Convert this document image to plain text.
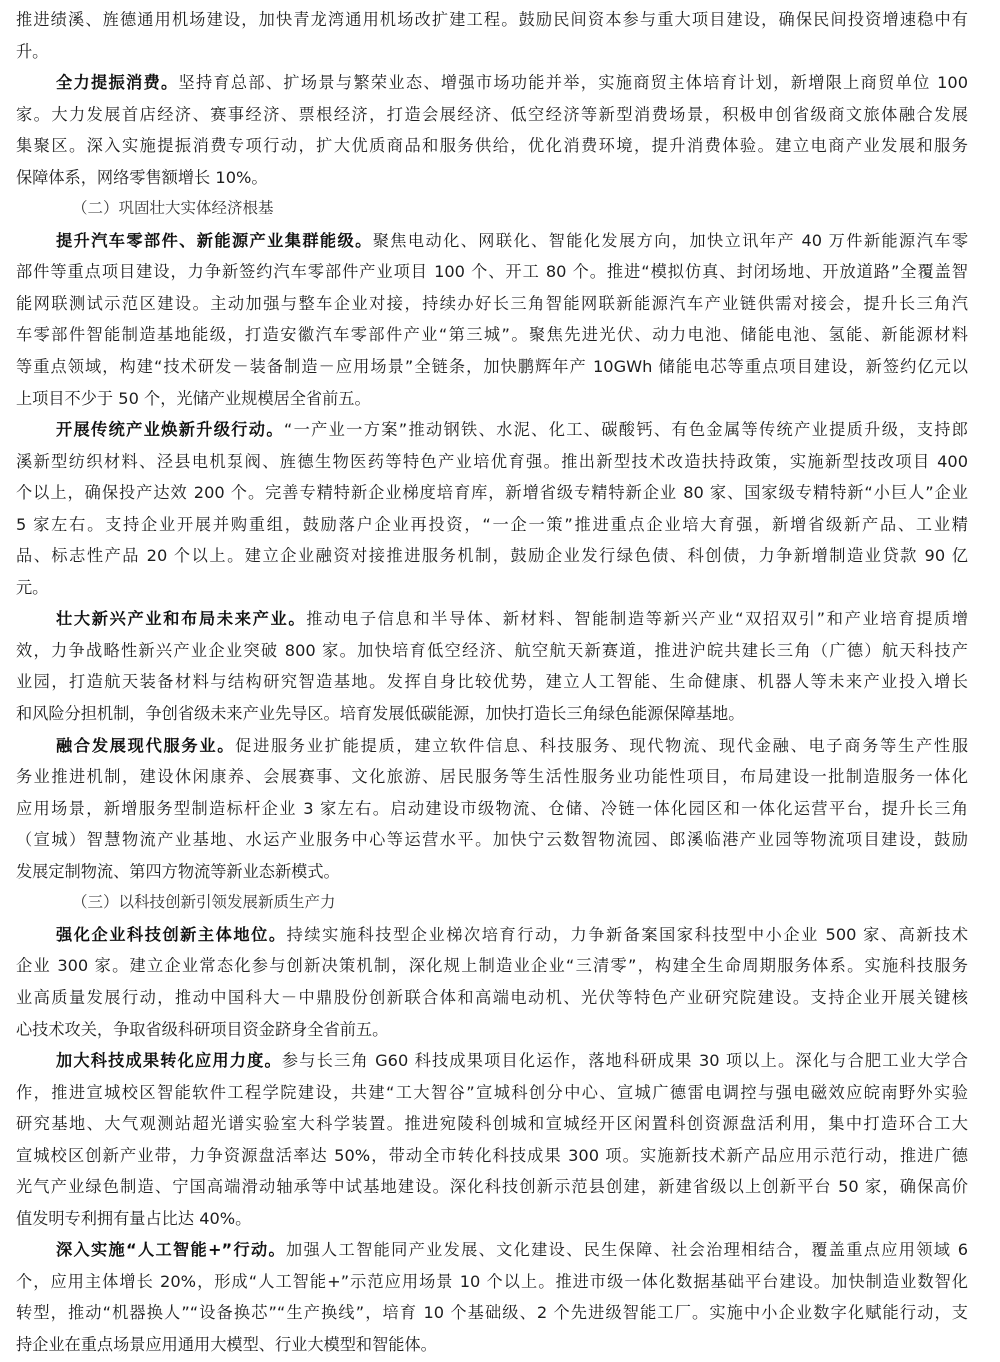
推进绩溪、旌德通用机场建设，加快青龙湾通用机场改扩建工程。鼓励民间资本参与重大项目建设，确保民间投资增速稳中有
升。
全力提振消费。坚持育总部、扩场景与繁荣业态、增强市场功能并举，实施商贸主体培育计划，新增限上商贸单位 100
家。大力发展首店经济、赛事经济、票根经济，打造会展经济、低空经济等新型消费场景，积极申创省级商文旅体融合发展
集聚区。深入实施提振消费专项行动，扩大优质商品和服务供给，优化消费环境，提升消费体验。建立电商产业发展和服务
保障体系，网络零售额增长 10%。
（二）巩固壮大实体经济根基
提升汽车零部件、新能源产业集群能级。聚焦电动化、网联化、智能化发展方向，加快立讯年产 40 万件新能源汽车零
部件等重点项目建设，力争新签约汽车零部件产业项目 100 个、开工 80 个。推进“模拟仿真、封闭场地、开放道路”全覆盖智
能网联测试示范区建设。主动加强与整车企业对接，持续办好长三角智能网联新能源汽车产业链供需对接会，提升长三角汽
车零部件智能制造基地能级，打造安徽汽车零部件产业“第三城”。聚焦先进光伏、动力电池、储能电池、氢能、新能源材料
等重点领域，构建“技术研发－装备制造－应用场景”全链条，加快鹏辉年产 10GWh 储能电芯等重点项目建设，新签约亿元以
上项目不少于 50 个，光储产业规模居全省前五。
开展传统产业焕新升级行动。“一产业一方案”推动钢铁、水泥、化工、碳酸钙、有色金属等传统产业提质升级，支持郎
溪新型纺织材料、泾县电机泵阀、旌德生物医药等特色产业培优育强。推出新型技术改造扶持政策，实施新型技改项目 400
个以上，确保投产达效 200 个。完善专精特新企业梯度培育库，新增省级专精特新企业 80 家、国家级专精特新“小巨人”企业
5 家左右。支持企业开展并购重组，鼓励落户企业再投资，“一企一策”推进重点企业培大育强，新增省级新产品、工业精
品、标志性产品 20 个以上。建立企业融资对接推进服务机制，鼓励企业发行绿色债、科创债，力争新增制造业贷款 90 亿
元。
壮大新兴产业和布局未来产业。推动电子信息和半导体、新材料、智能制造等新兴产业“双招双引”和产业培育提质增
效，力争战略性新兴产业企业突破 800 家。加快培育低空经济、航空航天新赛道，推进沪皖共建长三角（广德）航天科技产
业园，打造航天装备材料与结构研究智造基地。发挥自身比较优势，建立人工智能、生命健康、机器人等未来产业投入增长
和风险分担机制，争创省级未来产业先导区。培育发展低碳能源，加快打造长三角绿色能源保障基地。
融合发展现代服务业。促进服务业扩能提质，建立软件信息、科技服务、现代物流、现代金融、电子商务等生产性服
务业推进机制，建设休闲康养、会展赛事、文化旅游、居民服务等生活性服务业功能性项目，布局建设一批制造服务一体化
应用场景，新增服务型制造标杆企业 3 家左右。启动建设市级物流、仓储、冷链一体化园区和一体化运营平台，提升长三角
（宣城）智慧物流产业基地、水运产业服务中心等运营水平。加快宁云数智物流园、郎溪临港产业园等物流项目建设，鼓励
发展定制物流、第四方物流等新业态新模式。
（三）以科技创新引领发展新质生产力
强化企业科技创新主体地位。持续实施科技型企业梯次培育行动，力争新备案国家科技型中小企业 500 家、高新技术
企业 300 家。建立企业常态化参与创新决策机制，深化规上制造业企业“三清零”，构建全生命周期服务体系。实施科技服务
业高质量发展行动，推动中国科大－中鼎股份创新联合体和高端电动机、光伏等特色产业研究院建设。支持企业开展关键核
心技术攻关，争取省级科研项目资金跻身全省前五。
加大科技成果转化应用力度。参与长三角 G60 科技成果项目化运作，落地科研成果 30 项以上。深化与合肥工业大学合
作，推进宣城校区智能软件工程学院建设，共建“工大智谷”宣城科创分中心、宣城广德雷电调控与强电磁效应皖南野外实验
研究基地、大气观测站超光谱实验室大科学装置。推进宛陵科创城和宣城经开区闲置科创资源盘活利用，集中打造环合工大
宣城校区创新产业带，力争资源盘活率达 50%，带动全市转化科技成果 300 项。实施新技术新产品应用示范行动，推进广德
光气产业绿色制造、宁国高端滑动轴承等中试基地建设。深化科技创新示范县创建，新建省级以上创新平台 50 家，确保高价
值发明专利拥有量占比达 40%。
深入实施“人工智能+”行动。加强人工智能同产业发展、文化建设、民生保障、社会治理相结合，覆盖重点应用领域 6
个，应用主体增长 20%，形成“人工智能+”示范应用场景 10 个以上。推进市级一体化数据基础平台建设。加快制造业数智化
转型，推动“机器换人”“设备换芯”“生产换线”，培育 10 个基础级、2 个先进级智能工厂。实施中小企业数字化赋能行动，支
持企业在重点场景应用通用大模型、行业大模型和智能体。
